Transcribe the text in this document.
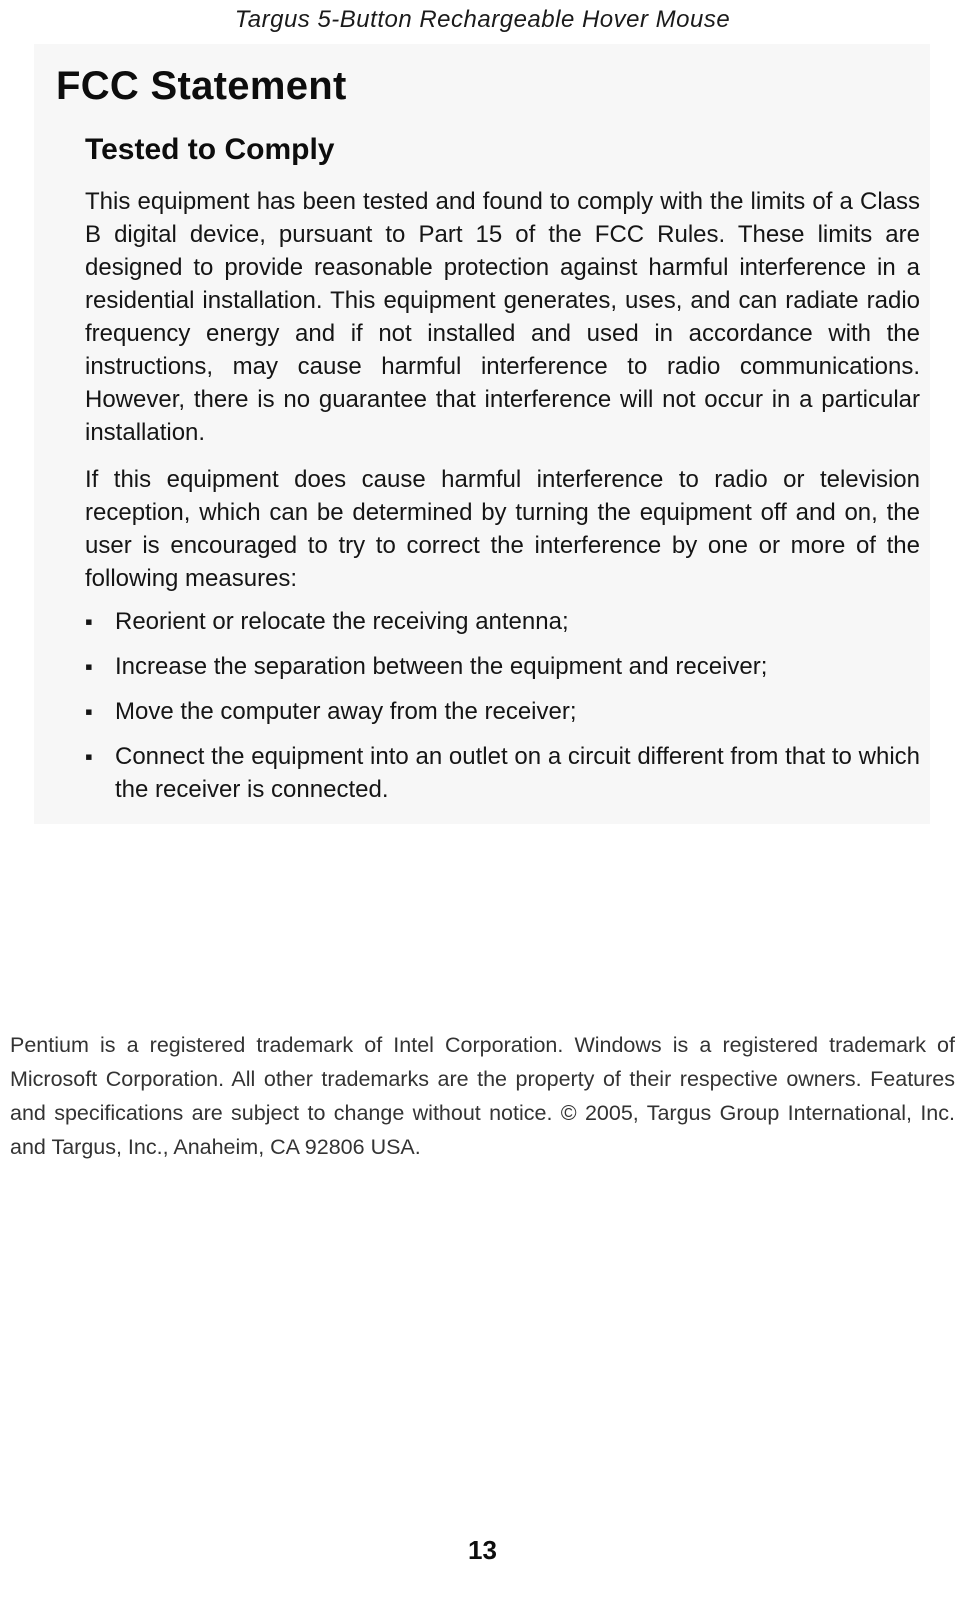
Targus 5-Button Rechargeable Hover Mouse
FCC Statement
Tested to Comply

This equipment has been tested and found to comply with the limits of a Class B digital device, pursuant to Part 15 of the FCC Rules. These limits are designed to provide reasonable protection against harmful interference in a residential installation. This equipment generates, uses, and can radiate radio frequency energy and if not installed and used in accordance with the instructions, may cause harmful interference to radio communications. However, there is no guarantee that interference will not occur in a particular installation.

If this equipment does cause harmful interference to radio or television reception, which can be determined by turning the equipment off and on, the user is encouraged to try to correct the interference by one or more of the following measures:

▪ Reorient or relocate the receiving antenna;
▪ Increase the separation between the equipment and receiver;
▪ Move the computer away from the receiver;
▪ Connect the equipment into an outlet on a circuit different from that to which the receiver is connected.

Pentium is a registered trademark of Intel Corporation. Windows is a registered trademark of Microsoft Corporation. All other trademarks are the property of their respective owners. Features and specifications are subject to change without notice. © 2005, Targus Group International, Inc. and Targus, Inc., Anaheim, CA 92806 USA.

13
